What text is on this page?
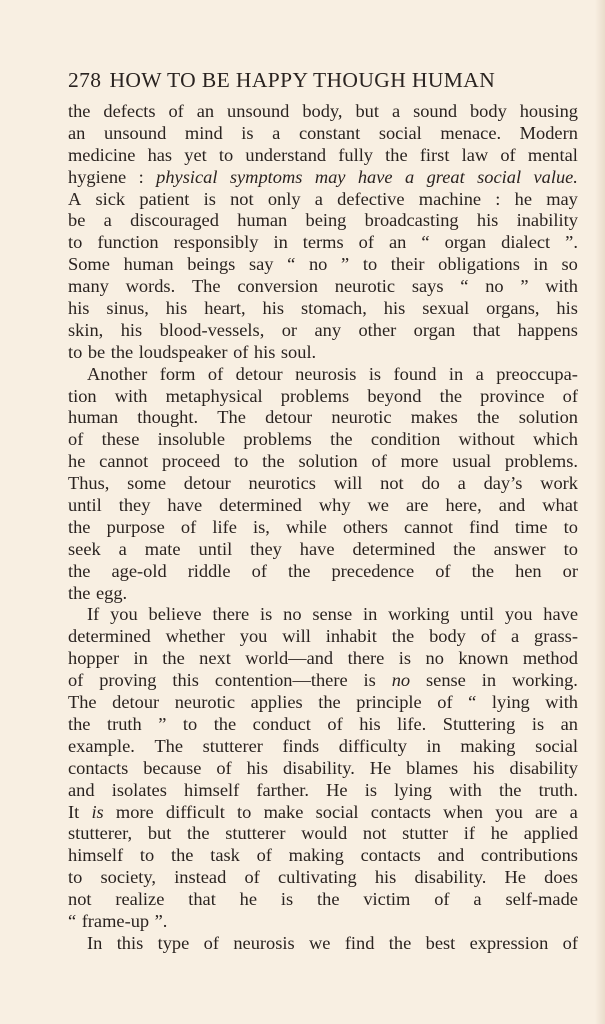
278 HOW TO BE HAPPY THOUGH HUMAN
the defects of an unsound body, but a sound body housing
an unsound mind is a constant social menace. Modern
medicine has yet to understand fully the first law of mental
hygiene : physical symptoms may have a great social value.
A sick patient is not only a defective machine : he may
be a discouraged human being broadcasting his inability
to function responsibly in terms of an “ organ dialect ”.
Some human beings say “ no ” to their obligations in so
many words. The conversion neurotic says “ no ” with
his sinus, his heart, his stomach, his sexual organs, his
skin, his blood-vessels, or any other organ that happens
to be the loudspeaker of his soul.
Another form of detour neurosis is found in a preoccupa-
tion with metaphysical problems beyond the province of
human thought. The detour neurotic makes the solution
of these insoluble problems the condition without which
he cannot proceed to the solution of more usual problems.
Thus, some detour neurotics will not do a day’s work
until they have determined why we are here, and what
the purpose of life is, while others cannot find time to
seek a mate until they have determined the answer to
the age-old riddle of the precedence of the hen or
the egg.
If you believe there is no sense in working until you have
determined whether you will inhabit the body of a grass-
hopper in the next world—and there is no known method
of proving this contention—there is no sense in working.
The detour neurotic applies the principle of “ lying with
the truth ” to the conduct of his life. Stuttering is an
example. The stutterer finds difficulty in making social
contacts because of his disability. He blames his disability
and isolates himself farther. He is lying with the truth.
It is more difficult to make social contacts when you are a
stutterer, but the stutterer would not stutter if he applied
himself to the task of making contacts and contributions
to society, instead of cultivating his disability. He does
not realize that he is the victim of a self-made
“ frame-up ”.
In this type of neurosis we find the best expression of
